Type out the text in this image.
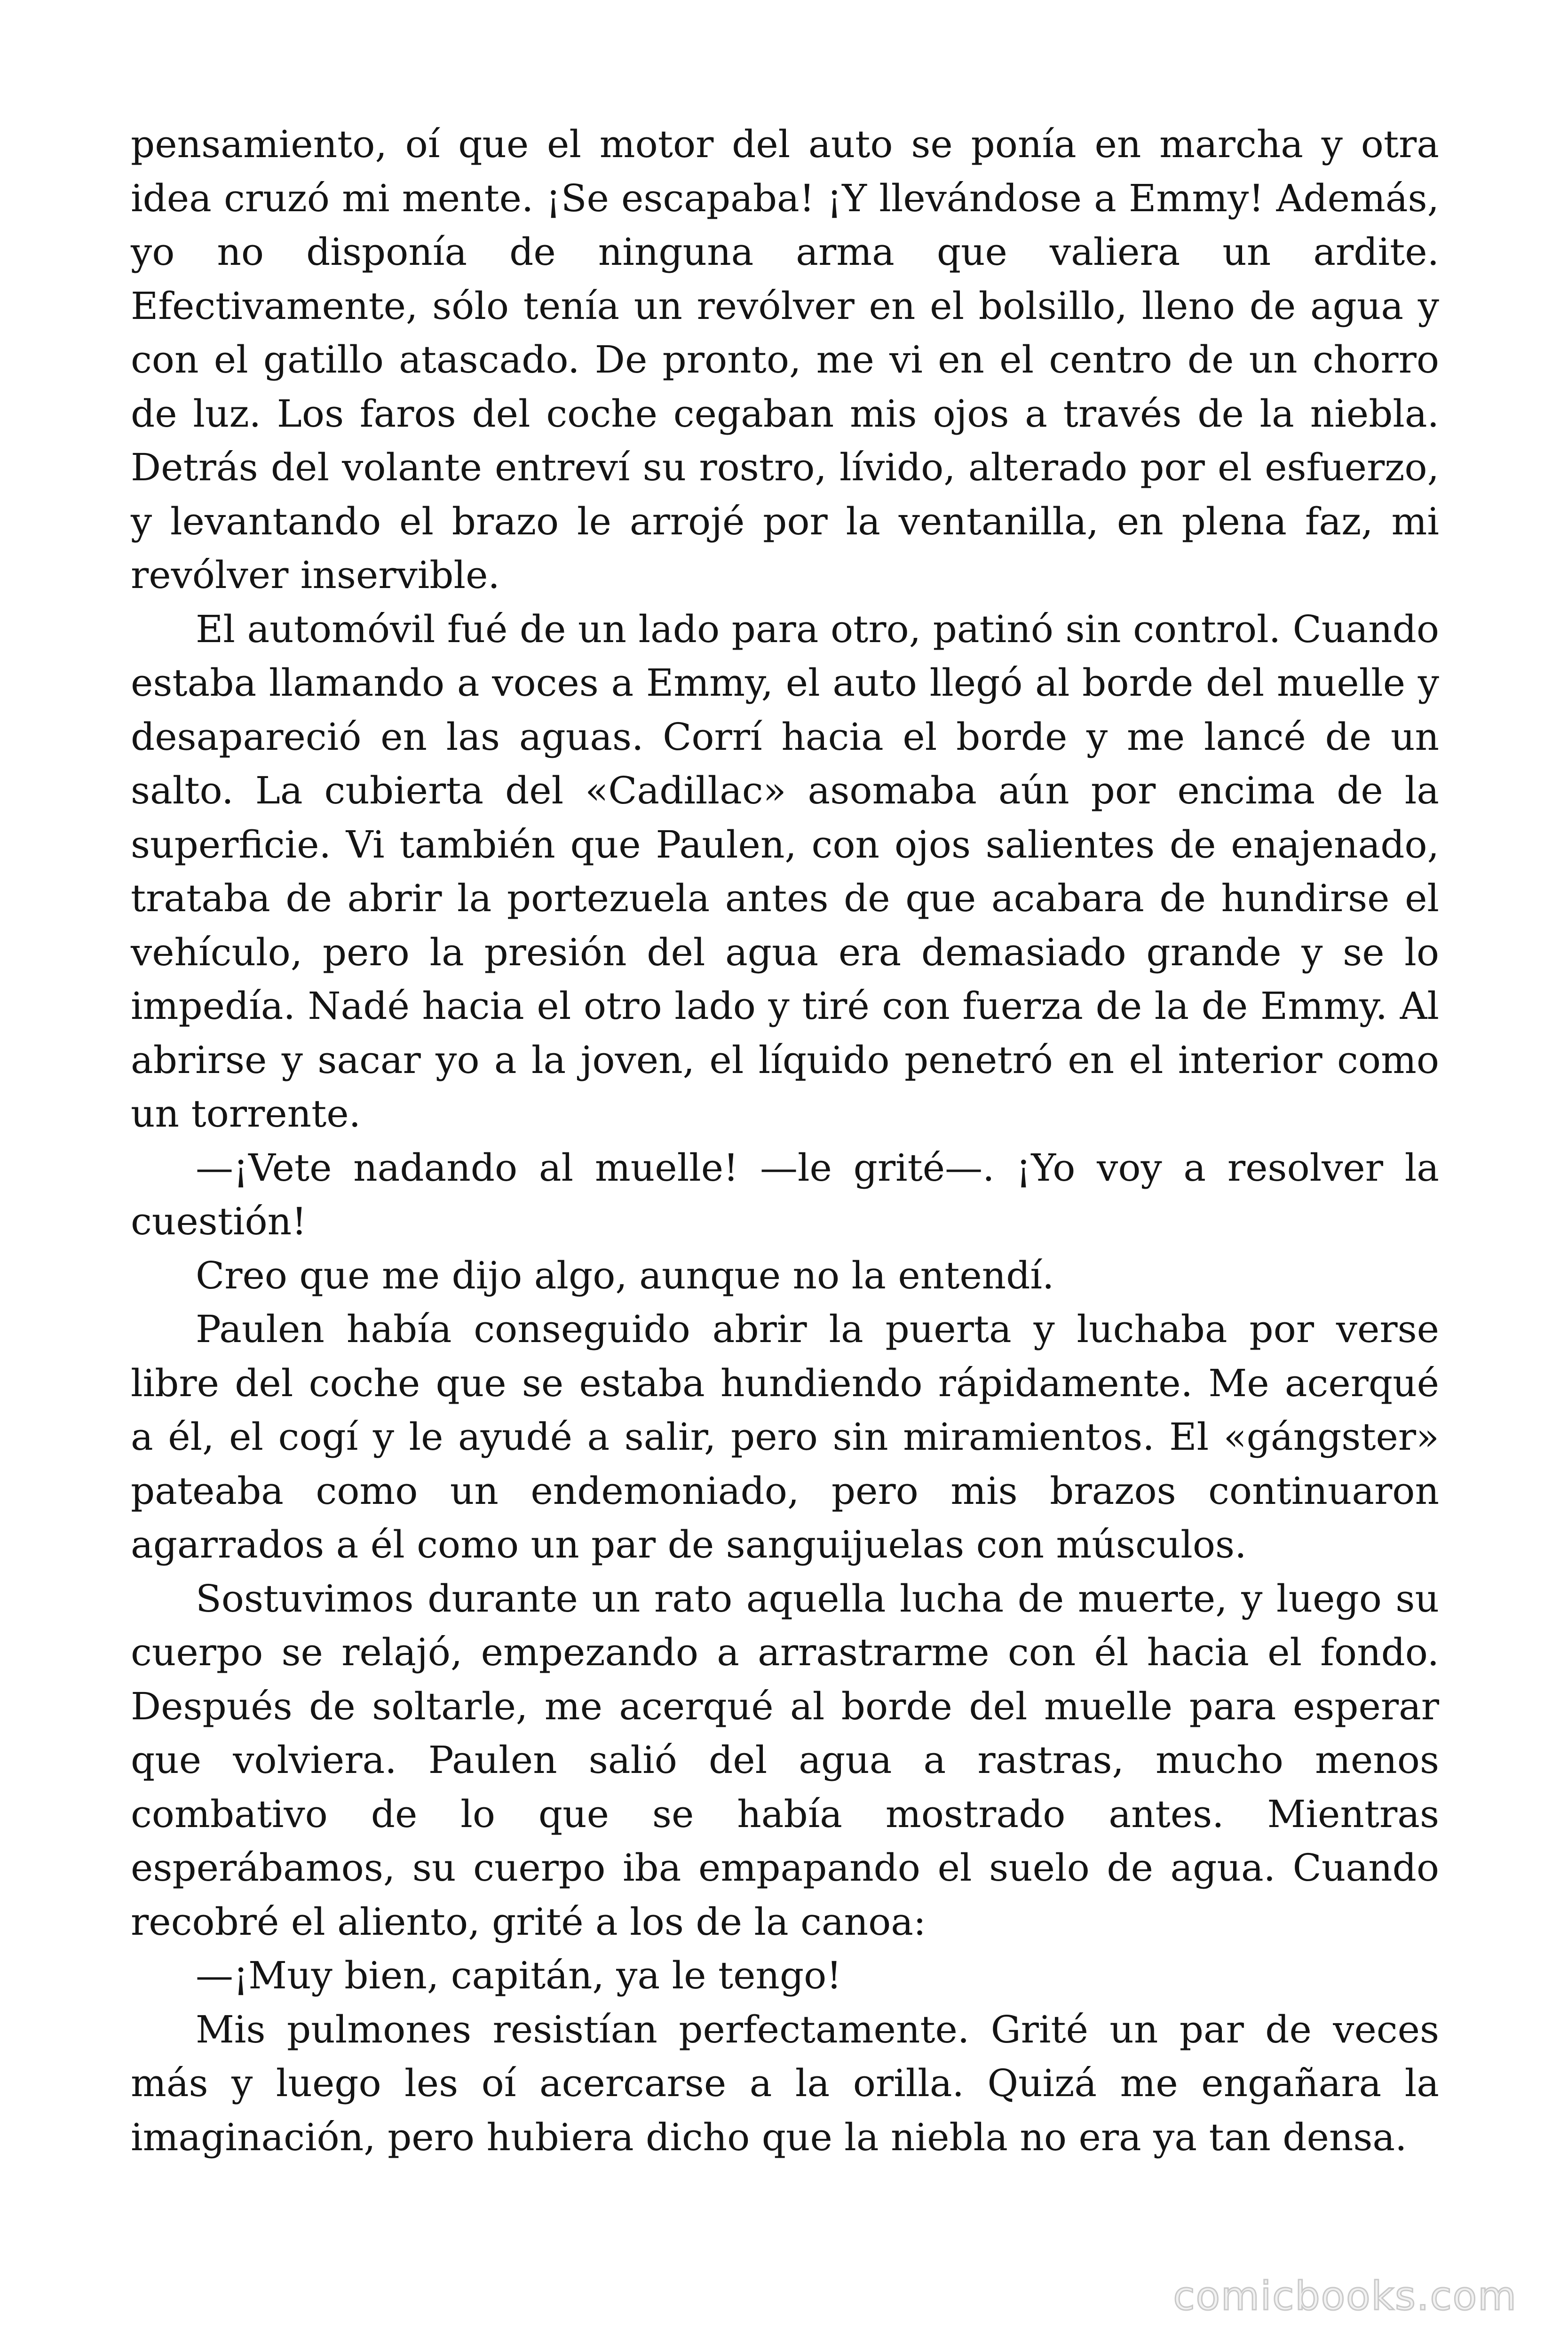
pensamiento, oí que el motor del auto se ponía en marcha y otra idea cruzó mi mente. ¡Se escapaba! ¡Y llevándose a Emmy! Además, yo no disponía de ninguna arma que valiera un ardite. Efectivamente, sólo tenía un revólver en el bolsillo, lleno de agua y con el gatillo atascado. De pronto, me vi en el centro de un chorro de luz. Los faros del coche cegaban mis ojos a través de la niebla. Detrás del volante entreví su rostro, lívido, alterado por el esfuerzo, y levantando el brazo le arrojé por la ventanilla, en plena faz, mi revólver inservible.

El automóvil fué de un lado para otro, patinó sin control. Cuando estaba llamando a voces a Emmy, el auto llegó al borde del muelle y desapareció en las aguas. Corrí hacia el borde y me lancé de un salto. La cubierta del «Cadillac» asomaba aún por encima de la superficie. Vi también que Paulen, con ojos salientes de enajenado, trataba de abrir la portezuela antes de que acabara de hundirse el vehículo, pero la presión del agua era demasiado grande y se lo impedía. Nadé hacia el otro lado y tiré con fuerza de la de Emmy. Al abrirse y sacar yo a la joven, el líquido penetró en el interior como un torrente.

—¡Vete nadando al muelle! —le grité—. ¡Yo voy a resolver la cuestión!

Creo que me dijo algo, aunque no la entendí.

Paulen había conseguido abrir la puerta y luchaba por verse libre del coche que se estaba hundiendo rápidamente. Me acerqué a él, el cogí y le ayudé a salir, pero sin miramientos. El «gángster» pateaba como un endemoniado, pero mis brazos continuaron agarrados a él como un par de sanguijuelas con músculos.

Sostuvimos durante un rato aquella lucha de muerte, y luego su cuerpo se relajó, empezando a arrastrarme con él hacia el fondo. Después de soltarle, me acerqué al borde del muelle para esperar que volviera. Paulen salió del agua a rastras, mucho menos combativo de lo que se había mostrado antes. Mientras esperábamos, su cuerpo iba empapando el suelo de agua. Cuando recobré el aliento, grité a los de la canoa:

—¡Muy bien, capitán, ya le tengo!

Mis pulmones resistían perfectamente. Grité un par de veces más y luego les oí acercarse a la orilla. Quizá me engañara la imaginación, pero hubiera dicho que la niebla no era ya tan densa.

comicbooks.com
